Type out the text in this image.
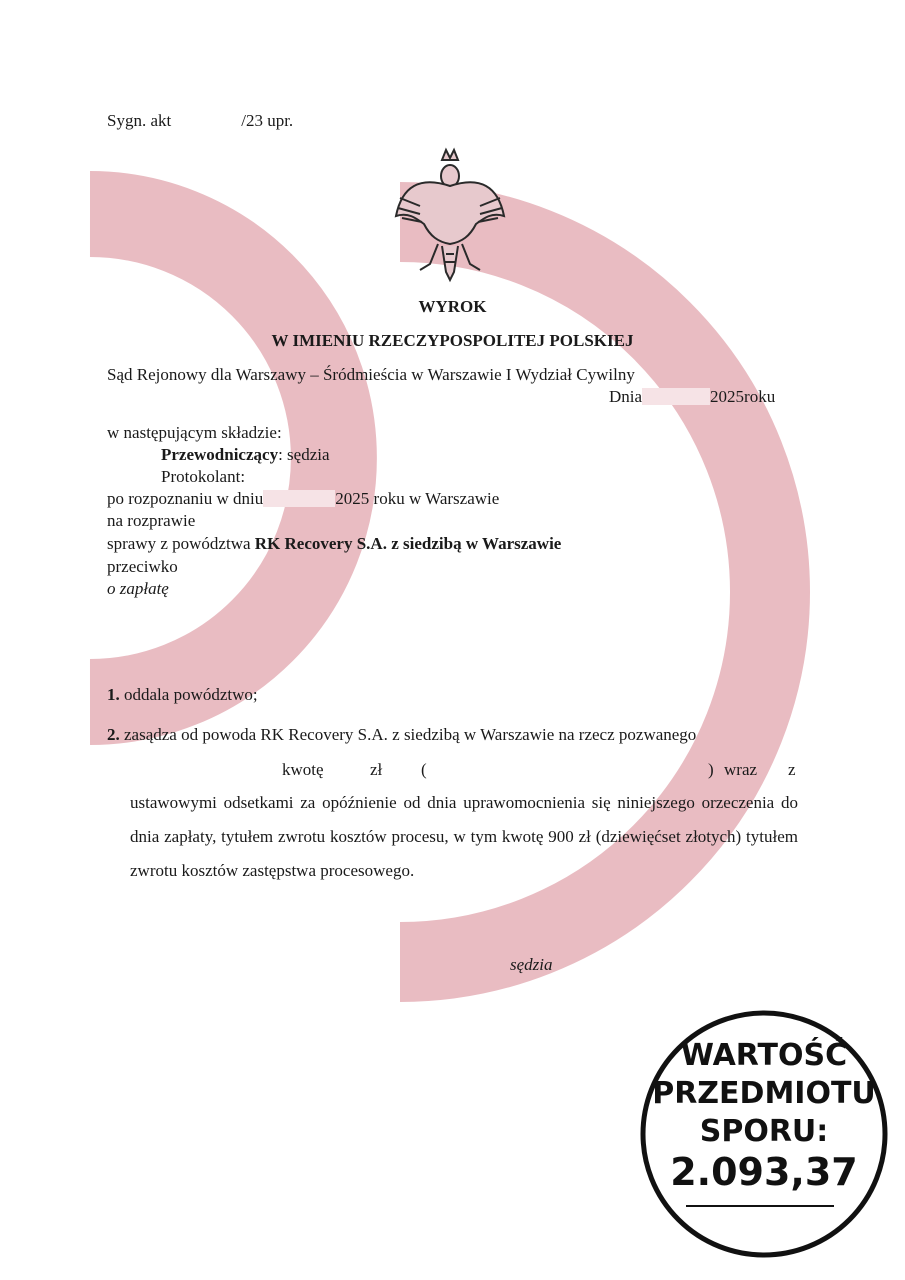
Sygn. akt	/23 upr.
WYROK
W IMIENIU RZECZYPOSPOLITEJ POLSKIEJ
Sąd Rejonowy dla Warszawy – Śródmieścia w Warszawie I Wydział Cywilny
Dnia	2025roku
w następującym składzie:
Przewodniczący: sędzia
Protokolant:
po rozpoznaniu w dniu	2025 roku w Warszawie
na rozprawie
sprawy z powództwa RK Recovery S.A. z siedzibą w Warszawie
przeciwko
o zapłatę
1. oddala powództwo;
2. zasądza od powoda RK Recovery S.A. z siedzibą w Warszawie na rzecz pozwanego
kwotę	zł (	) wraz z
ustawowymi odsetkami za opóźnienie od dnia uprawomocnienia się niniejszego orzeczenia do dnia zapłaty, tytułem zwrotu kosztów procesu, w tym kwotę 900 zł (dziewięćset złotych) tytułem zwrotu kosztów zastępstwa procesowego.
sędzia
WARTOŚĆ
PRZEDMIOTU
SPORU:
2.093,37
